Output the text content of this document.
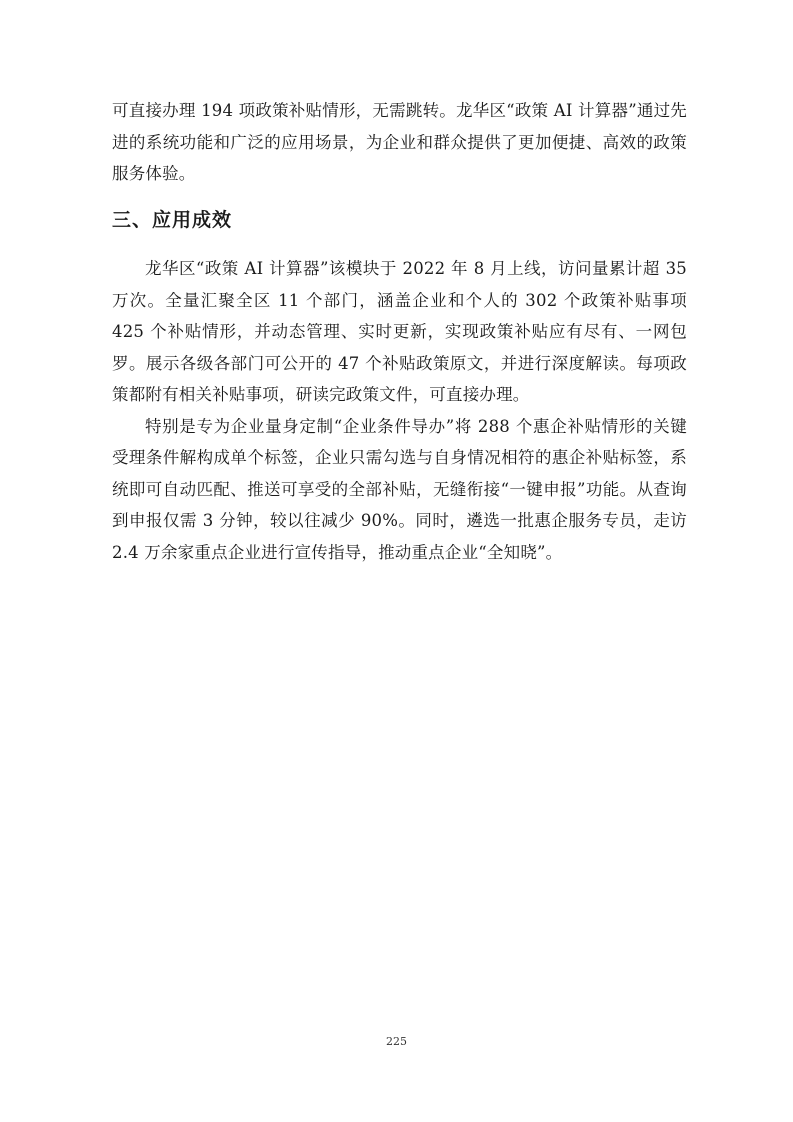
可直接办理 194 项政策补贴情形，无需跳转。龙华区“政策 AI 计算器”通过先进的系统功能和广泛的应用场景，为企业和群众提供了更加便捷、高效的政策服务体验。

三、应用成效

龙华区“政策 AI 计算器”该模块于 2022 年 8 月上线，访问量累计超 35 万次。全量汇聚全区 11 个部门，涵盖企业和个人的 302 个政策补贴事项 425 个补贴情形，并动态管理、实时更新，实现政策补贴应有尽有、一网包罗。展示各级各部门可公开的 47 个补贴政策原文，并进行深度解读。每项政策都附有相关补贴事项，研读完政策文件，可直接办理。

特别是专为企业量身定制“企业条件导办”将 288 个惠企补贴情形的关键受理条件解构成单个标签，企业只需勾选与自身情况相符的惠企补贴标签，系统即可自动匹配、推送可享受的全部补贴，无缝衔接“一键申报”功能。从查询到申报仅需 3 分钟，较以往减少 90%。同时，遴选一批惠企服务专员，走访 2.4 万余家重点企业进行宣传指导，推动重点企业“全知晓”。

225
